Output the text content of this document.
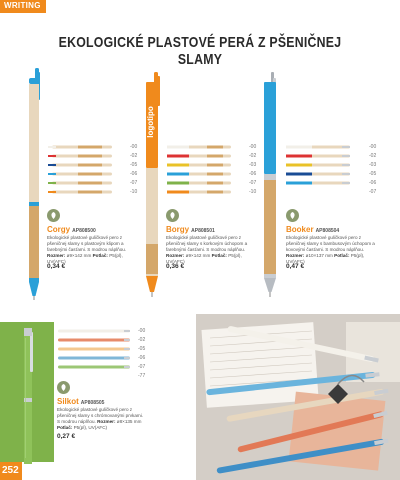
WRITING
EKOLOGICKÉ PLASTOVÉ PERÁ Z PŠENIČNEJ SLAMY
-00
-02
-05
-06
-07
-10
Corgy AP808500
Ekologické plastové guličkové pero z pšeničnej slamy s plastovým klipom a farebnými časťami. S modrou náplňou. Rozmer: ø9×142 mm Potlač: P5(pl), UV(AFC)
0,34 €
logotipo
-00
-02
-03
-06
-07
-10
Borgy AP808501
Ekologické plastové guličkové pero z pšeničnej slamy s korkovým úchopom a farebnými časťami. S modrou náplňou. Rozmer: ø9×142 mm Potlač: P5(pl), UV(AFC)
0,36 €
-00
-02
-03
-05
-06
-07
Booker AP808504
Ekologické plastové guličkové pero z pšeničnej slamy s bambusovým úchopom a kovovými časťami. S modrou náplňou. Rozmer: ø10×137 mm Potlač: P5(pl), UV(AFC)
0,47 €
-00
-02
-05
-06
-07
-77
Silkot AP808505
Ekologické plastové guličkové pero z pšeničnej slamy s chrómovanými prvkami. S modrou náplňou. Rozmer: ø8×135 mm Potlač: P5(pl), UV(AFC)
0,27 €
252
